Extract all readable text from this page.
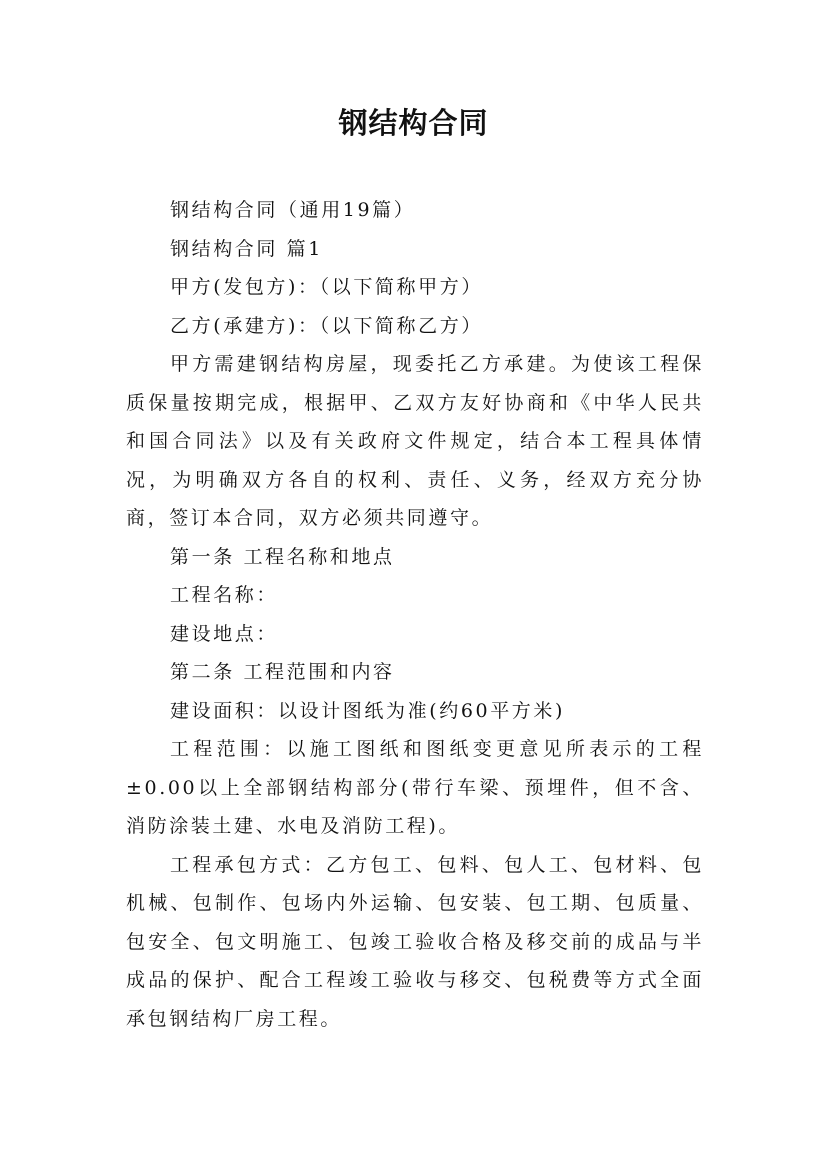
钢结构合同

钢结构合同（通用19篇）

钢结构合同 篇1

甲方(发包方)：（以下简称甲方）

乙方(承建方)：（以下简称乙方）

甲方需建钢结构房屋，现委托乙方承建。为使该工程保质保量按期完成，根据甲、乙双方友好协商和《中华人民共和国合同法》以及有关政府文件规定，结合本工程具体情况，为明确双方各自的权利、责任、义务，经双方充分协商，签订本合同，双方必须共同遵守。

第一条 工程名称和地点

工程名称：

建设地点：

第二条 工程范围和内容

建设面积：以设计图纸为准(约60平方米)

工程范围：以施工图纸和图纸变更意见所表示的工程±0.00以上全部钢结构部分(带行车梁、预埋件，但不含、消防涂装土建、水电及消防工程)。

工程承包方式：乙方包工、包料、包人工、包材料、包机械、包制作、包场内外运输、包安装、包工期、包质量、包安全、包文明施工、包竣工验收合格及移交前的成品与半成品的保护、配合工程竣工验收与移交、包税费等方式全面承包钢结构厂房工程。
